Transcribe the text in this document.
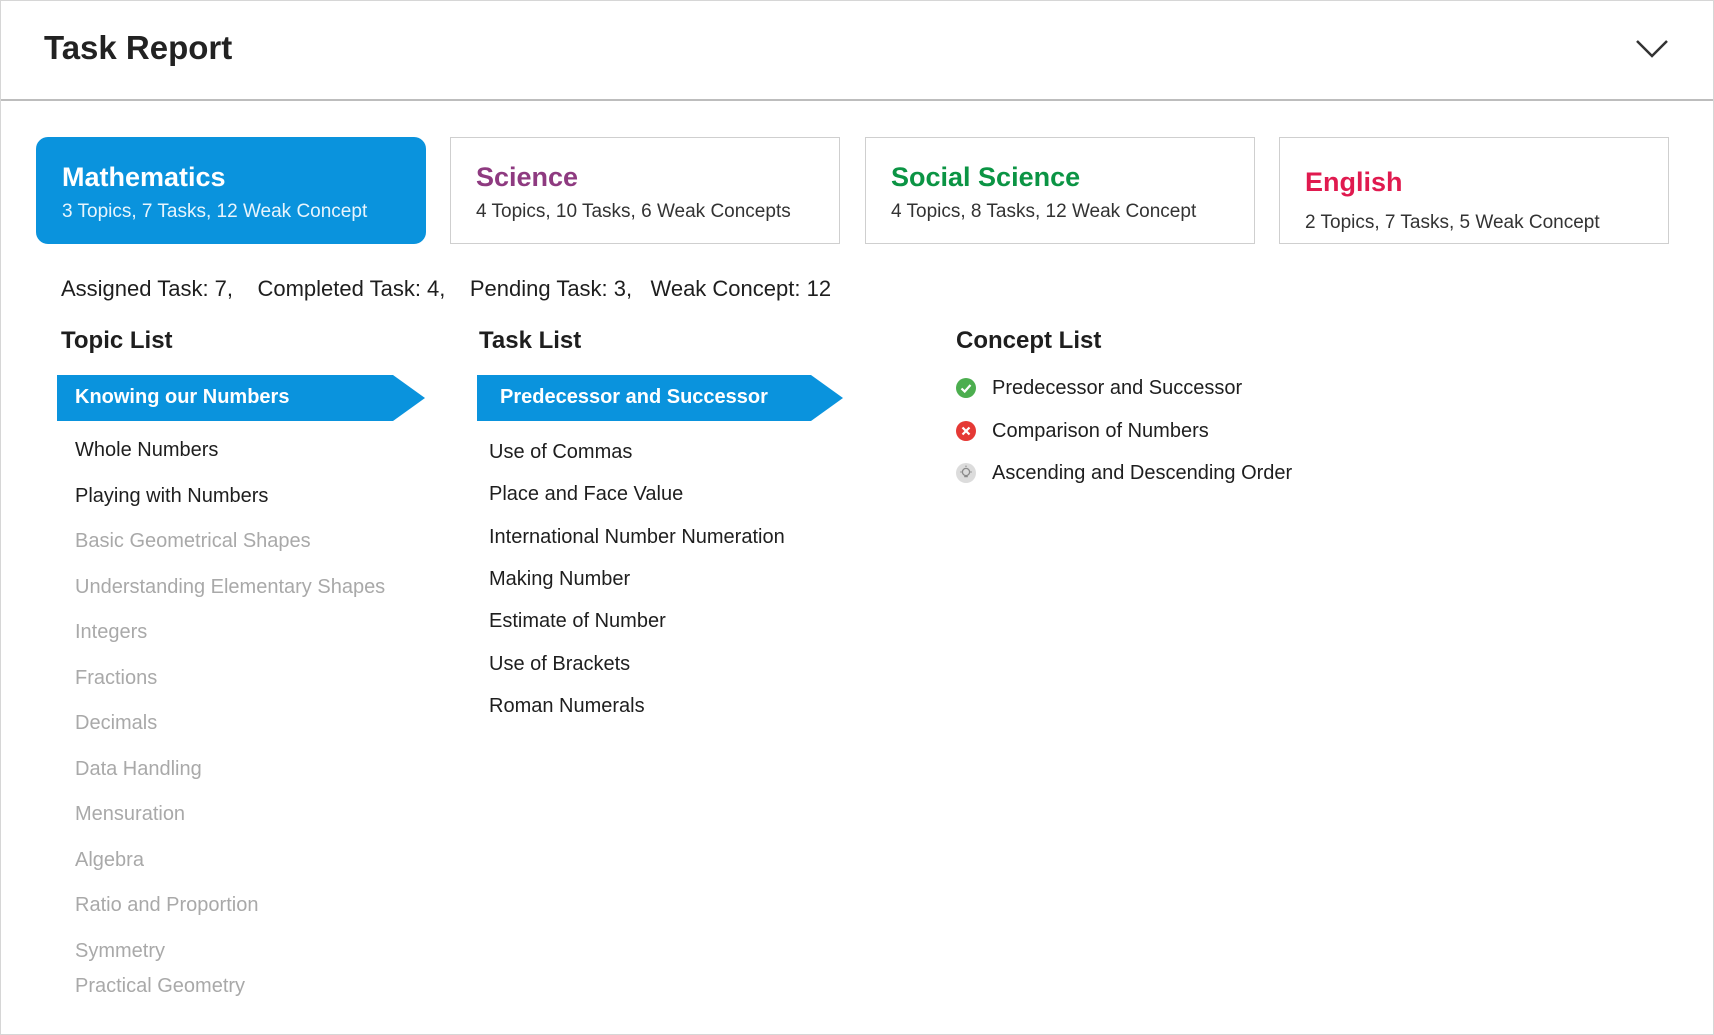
Task Report
Mathematics
3 Topics, 7 Tasks, 12 Weak Concept
Science
4 Topics, 10 Tasks, 6 Weak Concepts
Social Science
4 Topics, 8 Tasks, 12 Weak Concept
English
2 Topics, 7 Tasks, 5 Weak Concept
Assigned Task: 7, Completed Task: 4, Pending Task: 3, Weak Concept: 12
Topic List	Task List	Concept List
Knowing our Numbers
Whole Numbers
Playing with Numbers
Basic Geometrical Shapes
Understanding Elementary Shapes
Integers
Fractions
Decimals
Data Handling
Mensuration
Algebra
Ratio and Proportion
Symmetry
Practical Geometry
Predecessor and Successor
Use of Commas
Place and Face Value
International Number Numeration
Making Number
Estimate of Number
Use of Brackets
Roman Numerals
Predecessor and Successor
Comparison of Numbers
Ascending and Descending Order
